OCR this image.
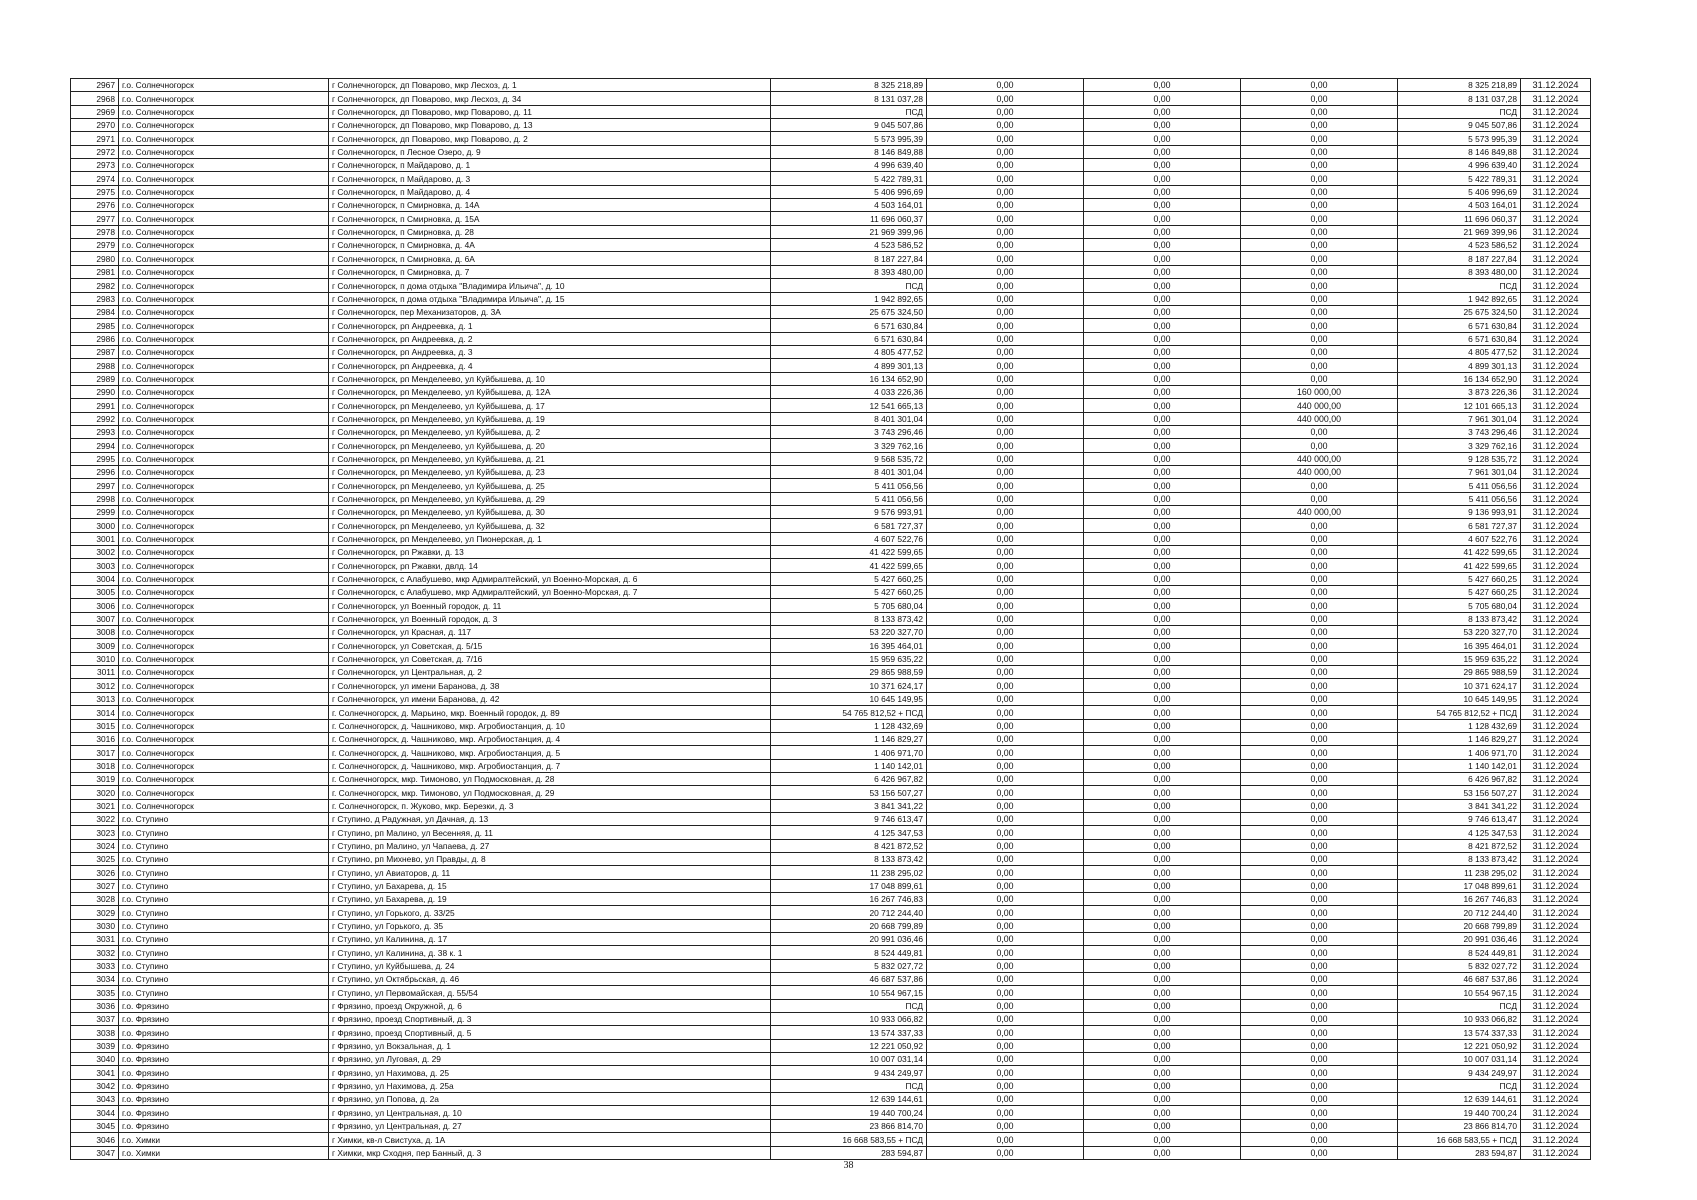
2967	г.о. Солнечногорск	г Солнечногорск, дп Поварово, мкр Лесхоз, д. 1	8 325 218,89	0,00	0,00	0,00	8 325 218,89	31.12.2024
2968	г.о. Солнечногорск	г Солнечногорск, дп Поварово, мкр Лесхоз, д. 34	8 131 037,28	0,00	0,00	0,00	8 131 037,28	31.12.2024
2969	г.о. Солнечногорск	г Солнечногорск, дп Поварово, мкр Поварово, д. 11	ПСД	0,00	0,00	0,00	ПСД	31.12.2024
2970	г.о. Солнечногорск	г Солнечногорск, дп Поварово, мкр Поварово, д. 13	9 045 507,86	0,00	0,00	0,00	9 045 507,86	31.12.2024
2971	г.о. Солнечногорск	г Солнечногорск, дп Поварово, мкр Поварово, д. 2	5 573 995,39	0,00	0,00	0,00	5 573 995,39	31.12.2024
2972	г.о. Солнечногорск	г Солнечногорск, п Лесное Озеро, д. 9	8 146 849,88	0,00	0,00	0,00	8 146 849,88	31.12.2024
2973	г.о. Солнечногорск	г Солнечногорск, п Майдарово, д. 1	4 996 639,40	0,00	0,00	0,00	4 996 639,40	31.12.2024
2974	г.о. Солнечногорск	г Солнечногорск, п Майдарово, д. 3	5 422 789,31	0,00	0,00	0,00	5 422 789,31	31.12.2024
2975	г.о. Солнечногорск	г Солнечногорск, п Майдарово, д. 4	5 406 996,69	0,00	0,00	0,00	5 406 996,69	31.12.2024
2976	г.о. Солнечногорск	г Солнечногорск, п Смирновка, д. 14А	4 503 164,01	0,00	0,00	0,00	4 503 164,01	31.12.2024
2977	г.о. Солнечногорск	г Солнечногорск, п Смирновка, д. 15А	11 696 060,37	0,00	0,00	0,00	11 696 060,37	31.12.2024
2978	г.о. Солнечногорск	г Солнечногорск, п Смирновка, д. 28	21 969 399,96	0,00	0,00	0,00	21 969 399,96	31.12.2024
2979	г.о. Солнечногорск	г Солнечногорск, п Смирновка, д. 4А	4 523 586,52	0,00	0,00	0,00	4 523 586,52	31.12.2024
2980	г.о. Солнечногорск	г Солнечногорск, п Смирновка, д. 6А	8 187 227,84	0,00	0,00	0,00	8 187 227,84	31.12.2024
2981	г.о. Солнечногорск	г Солнечногорск, п Смирновка, д. 7	8 393 480,00	0,00	0,00	0,00	8 393 480,00	31.12.2024
2982	г.о. Солнечногорск	г Солнечногорск, п дома отдыха "Владимира Ильича", д. 10	ПСД	0,00	0,00	0,00	ПСД	31.12.2024
2983	г.о. Солнечногорск	г Солнечногорск, п дома отдыха "Владимира Ильича", д. 15	1 942 892,65	0,00	0,00	0,00	1 942 892,65	31.12.2024
2984	г.о. Солнечногорск	г Солнечногорск, пер Механизаторов, д. 3А	25 675 324,50	0,00	0,00	0,00	25 675 324,50	31.12.2024
2985	г.о. Солнечногорск	г Солнечногорск, рп Андреевка, д. 1	6 571 630,84	0,00	0,00	0,00	6 571 630,84	31.12.2024
2986	г.о. Солнечногорск	г Солнечногорск, рп Андреевка, д. 2	6 571 630,84	0,00	0,00	0,00	6 571 630,84	31.12.2024
2987	г.о. Солнечногорск	г Солнечногорск, рп Андреевка, д. 3	4 805 477,52	0,00	0,00	0,00	4 805 477,52	31.12.2024
2988	г.о. Солнечногорск	г Солнечногорск, рп Андреевка, д. 4	4 899 301,13	0,00	0,00	0,00	4 899 301,13	31.12.2024
2989	г.о. Солнечногорск	г Солнечногорск, рп Менделеево, ул Куйбышева, д. 10	16 134 652,90	0,00	0,00	0,00	16 134 652,90	31.12.2024
2990	г.о. Солнечногорск	г Солнечногорск, рп Менделеево, ул Куйбышева, д. 12А	4 033 226,36	0,00	0,00	160 000,00	3 873 226,36	31.12.2024
2991	г.о. Солнечногорск	г Солнечногорск, рп Менделеево, ул Куйбышева, д. 17	12 541 665,13	0,00	0,00	440 000,00	12 101 665,13	31.12.2024
2992	г.о. Солнечногорск	г Солнечногорск, рп Менделеево, ул Куйбышева, д. 19	8 401 301,04	0,00	0,00	440 000,00	7 961 301,04	31.12.2024
2993	г.о. Солнечногорск	г Солнечногорск, рп Менделеево, ул Куйбышева, д. 2	3 743 296,46	0,00	0,00	0,00	3 743 296,46	31.12.2024
2994	г.о. Солнечногорск	г Солнечногорск, рп Менделеево, ул Куйбышева, д. 20	3 329 762,16	0,00	0,00	0,00	3 329 762,16	31.12.2024
2995	г.о. Солнечногорск	г Солнечногорск, рп Менделеево, ул Куйбышева, д. 21	9 568 535,72	0,00	0,00	440 000,00	9 128 535,72	31.12.2024
2996	г.о. Солнечногорск	г Солнечногорск, рп Менделеево, ул Куйбышева, д. 23	8 401 301,04	0,00	0,00	440 000,00	7 961 301,04	31.12.2024
2997	г.о. Солнечногорск	г Солнечногорск, рп Менделеево, ул Куйбышева, д. 25	5 411 056,56	0,00	0,00	0,00	5 411 056,56	31.12.2024
2998	г.о. Солнечногорск	г Солнечногорск, рп Менделеево, ул Куйбышева, д. 29	5 411 056,56	0,00	0,00	0,00	5 411 056,56	31.12.2024
2999	г.о. Солнечногорск	г Солнечногорск, рп Менделеево, ул Куйбышева, д. 30	9 576 993,91	0,00	0,00	440 000,00	9 136 993,91	31.12.2024
3000	г.о. Солнечногорск	г Солнечногорск, рп Менделеево, ул Куйбышева, д. 32	6 581 727,37	0,00	0,00	0,00	6 581 727,37	31.12.2024
3001	г.о. Солнечногорск	г Солнечногорск, рп Менделеево, ул Пионерская, д. 1	4 607 522,76	0,00	0,00	0,00	4 607 522,76	31.12.2024
3002	г.о. Солнечногорск	г Солнечногорск, рп Ржавки, д. 13	41 422 599,65	0,00	0,00	0,00	41 422 599,65	31.12.2024
3003	г.о. Солнечногорск	г Солнечногорск, рп Ржавки, двлд. 14	41 422 599,65	0,00	0,00	0,00	41 422 599,65	31.12.2024
3004	г.о. Солнечногорск	г Солнечногорск, с Алабушево, мкр Адмиралтейский, ул Военно-Морская, д. 6	5 427 660,25	0,00	0,00	0,00	5 427 660,25	31.12.2024
3005	г.о. Солнечногорск	г Солнечногорск, с Алабушево, мкр Адмиралтейский, ул Военно-Морская, д. 7	5 427 660,25	0,00	0,00	0,00	5 427 660,25	31.12.2024
3006	г.о. Солнечногорск	г Солнечногорск, ул Военный городок, д. 11	5 705 680,04	0,00	0,00	0,00	5 705 680,04	31.12.2024
3007	г.о. Солнечногорск	г Солнечногорск, ул Военный городок, д. 3	8 133 873,42	0,00	0,00	0,00	8 133 873,42	31.12.2024
3008	г.о. Солнечногорск	г Солнечногорск, ул Красная, д. 117	53 220 327,70	0,00	0,00	0,00	53 220 327,70	31.12.2024
3009	г.о. Солнечногорск	г Солнечногорск, ул Советская, д. 5/15	16 395 464,01	0,00	0,00	0,00	16 395 464,01	31.12.2024
3010	г.о. Солнечногорск	г Солнечногорск, ул Советская, д. 7/16	15 959 635,22	0,00	0,00	0,00	15 959 635,22	31.12.2024
3011	г.о. Солнечногорск	г Солнечногорск, ул Центральная, д. 2	29 865 988,59	0,00	0,00	0,00	29 865 988,59	31.12.2024
3012	г.о. Солнечногорск	г Солнечногорск, ул имени Баранова, д. 38	10 371 624,17	0,00	0,00	0,00	10 371 624,17	31.12.2024
3013	г.о. Солнечногорск	г Солнечногорск, ул имени Баранова, д. 42	10 645 149,95	0,00	0,00	0,00	10 645 149,95	31.12.2024
3014	г.о. Солнечногорск	г. Солнечногорск, д. Марьино, мкр. Военный городок, д. 89	54 765 812,52 + ПСД	0,00	0,00	0,00	54 765 812,52 + ПСД	31.12.2024
3015	г.о. Солнечногорск	г. Солнечногорск, д. Чашниково, мкр. Агробиостанция, д. 10	1 128 432,69	0,00	0,00	0,00	1 128 432,69	31.12.2024
3016	г.о. Солнечногорск	г. Солнечногорск, д. Чашниково, мкр. Агробиостанция, д. 4	1 146 829,27	0,00	0,00	0,00	1 146 829,27	31.12.2024
3017	г.о. Солнечногорск	г. Солнечногорск, д. Чашниково, мкр. Агробиостанция, д. 5	1 406 971,70	0,00	0,00	0,00	1 406 971,70	31.12.2024
3018	г.о. Солнечногорск	г. Солнечногорск, д. Чашниково, мкр. Агробиостанция, д. 7	1 140 142,01	0,00	0,00	0,00	1 140 142,01	31.12.2024
3019	г.о. Солнечногорск	г. Солнечногорск, мкр. Тимоново, ул Подмосковная, д. 28	6 426 967,82	0,00	0,00	0,00	6 426 967,82	31.12.2024
3020	г.о. Солнечногорск	г. Солнечногорск, мкр. Тимоново, ул Подмосковная, д. 29	53 156 507,27	0,00	0,00	0,00	53 156 507,27	31.12.2024
3021	г.о. Солнечногорск	г. Солнечногорск, п. Жуково, мкр. Березки, д. 3	3 841 341,22	0,00	0,00	0,00	3 841 341,22	31.12.2024
3022	г.о. Ступино	г Ступино, д Радужная, ул Дачная, д. 13	9 746 613,47	0,00	0,00	0,00	9 746 613,47	31.12.2024
3023	г.о. Ступино	г Ступино, рп Малино, ул Весенняя, д. 11	4 125 347,53	0,00	0,00	0,00	4 125 347,53	31.12.2024
3024	г.о. Ступино	г Ступино, рп Малино, ул Чапаева, д. 27	8 421 872,52	0,00	0,00	0,00	8 421 872,52	31.12.2024
3025	г.о. Ступино	г Ступино, рп Михнево, ул Правды, д. 8	8 133 873,42	0,00	0,00	0,00	8 133 873,42	31.12.2024
3026	г.о. Ступино	г Ступино, ул Авиаторов, д. 11	11 238 295,02	0,00	0,00	0,00	11 238 295,02	31.12.2024
3027	г.о. Ступино	г Ступино, ул Бахарева, д. 15	17 048 899,61	0,00	0,00	0,00	17 048 899,61	31.12.2024
3028	г.о. Ступино	г Ступино, ул Бахарева, д. 19	16 267 746,83	0,00	0,00	0,00	16 267 746,83	31.12.2024
3029	г.о. Ступино	г Ступино, ул Горького, д. 33/25	20 712 244,40	0,00	0,00	0,00	20 712 244,40	31.12.2024
3030	г.о. Ступино	г Ступино, ул Горького, д. 35	20 668 799,89	0,00	0,00	0,00	20 668 799,89	31.12.2024
3031	г.о. Ступино	г Ступино, ул Калинина, д. 17	20 991 036,46	0,00	0,00	0,00	20 991 036,46	31.12.2024
3032	г.о. Ступино	г Ступино, ул Калинина, д. 38 к. 1	8 524 449,81	0,00	0,00	0,00	8 524 449,81	31.12.2024
3033	г.о. Ступино	г Ступино, ул Куйбышева, д. 24	5 832 027,72	0,00	0,00	0,00	5 832 027,72	31.12.2024
3034	г.о. Ступино	г Ступино, ул Октябрьская, д. 46	46 687 537,86	0,00	0,00	0,00	46 687 537,86	31.12.2024
3035	г.о. Ступино	г Ступино, ул Первомайская, д. 55/54	10 554 967,15	0,00	0,00	0,00	10 554 967,15	31.12.2024
3036	г.о. Фрязино	г Фрязино, проезд Окружной, д. 6	ПСД	0,00	0,00	0,00	ПСД	31.12.2024
3037	г.о. Фрязино	г Фрязино, проезд Спортивный, д. 3	10 933 066,82	0,00	0,00	0,00	10 933 066,82	31.12.2024
3038	г.о. Фрязино	г Фрязино, проезд Спортивный, д. 5	13 574 337,33	0,00	0,00	0,00	13 574 337,33	31.12.2024
3039	г.о. Фрязино	г Фрязино, ул Вокзальная, д. 1	12 221 050,92	0,00	0,00	0,00	12 221 050,92	31.12.2024
3040	г.о. Фрязино	г Фрязино, ул Луговая, д. 29	10 007 031,14	0,00	0,00	0,00	10 007 031,14	31.12.2024
3041	г.о. Фрязино	г Фрязино, ул Нахимова, д. 25	9 434 249,97	0,00	0,00	0,00	9 434 249,97	31.12.2024
3042	г.о. Фрязино	г Фрязино, ул Нахимова, д. 25а	ПСД	0,00	0,00	0,00	ПСД	31.12.2024
3043	г.о. Фрязино	г Фрязино, ул Попова, д. 2а	12 639 144,61	0,00	0,00	0,00	12 639 144,61	31.12.2024
3044	г.о. Фрязино	г Фрязино, ул Центральная, д. 10	19 440 700,24	0,00	0,00	0,00	19 440 700,24	31.12.2024
3045	г.о. Фрязино	г Фрязино, ул Центральная, д. 27	23 866 814,70	0,00	0,00	0,00	23 866 814,70	31.12.2024
3046	г.о. Химки	г Химки, кв-л Свистуха, д. 1А	16 668 583,55 + ПСД	0,00	0,00	0,00	16 668 583,55 + ПСД	31.12.2024
3047	г.о. Химки	г Химки, мкр Сходня, пер Банный, д. 3	283 594,87	0,00	0,00	0,00	283 594,87	31.12.2024
38
